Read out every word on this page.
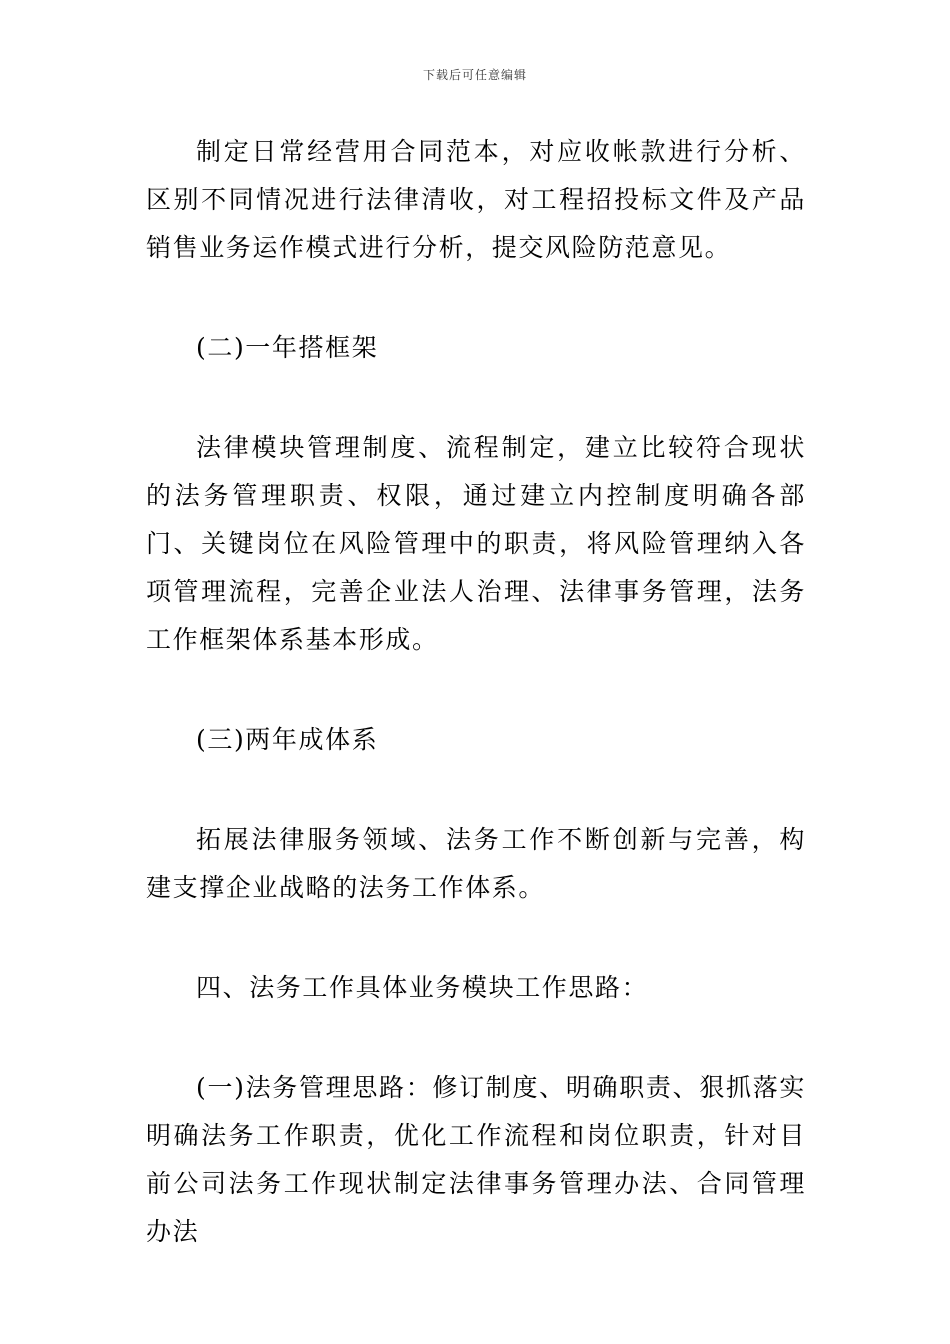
下载后可任意编辑

制定日常经营用合同范本，对应收帐款进行分析、区别不同情况进行法律清收，对工程招投标文件及产品销售业务运作模式进行分析，提交风险防范意见。

(二)一年搭框架

法律模块管理制度、流程制定，建立比较符合现状的法务管理职责、权限，通过建立内控制度明确各部门、关键岗位在风险管理中的职责，将风险管理纳入各项管理流程，完善企业法人治理、法律事务管理，法务工作框架体系基本形成。

(三)两年成体系

拓展法律服务领域、法务工作不断创新与完善，构建支撑企业战略的法务工作体系。

四、法务工作具体业务模块工作思路：

(一)法务管理思路：修订制度、明确职责、狠抓落实明确法务工作职责，优化工作流程和岗位职责，针对目前公司法务工作现状制定法律事务管理办法、合同管理办法
